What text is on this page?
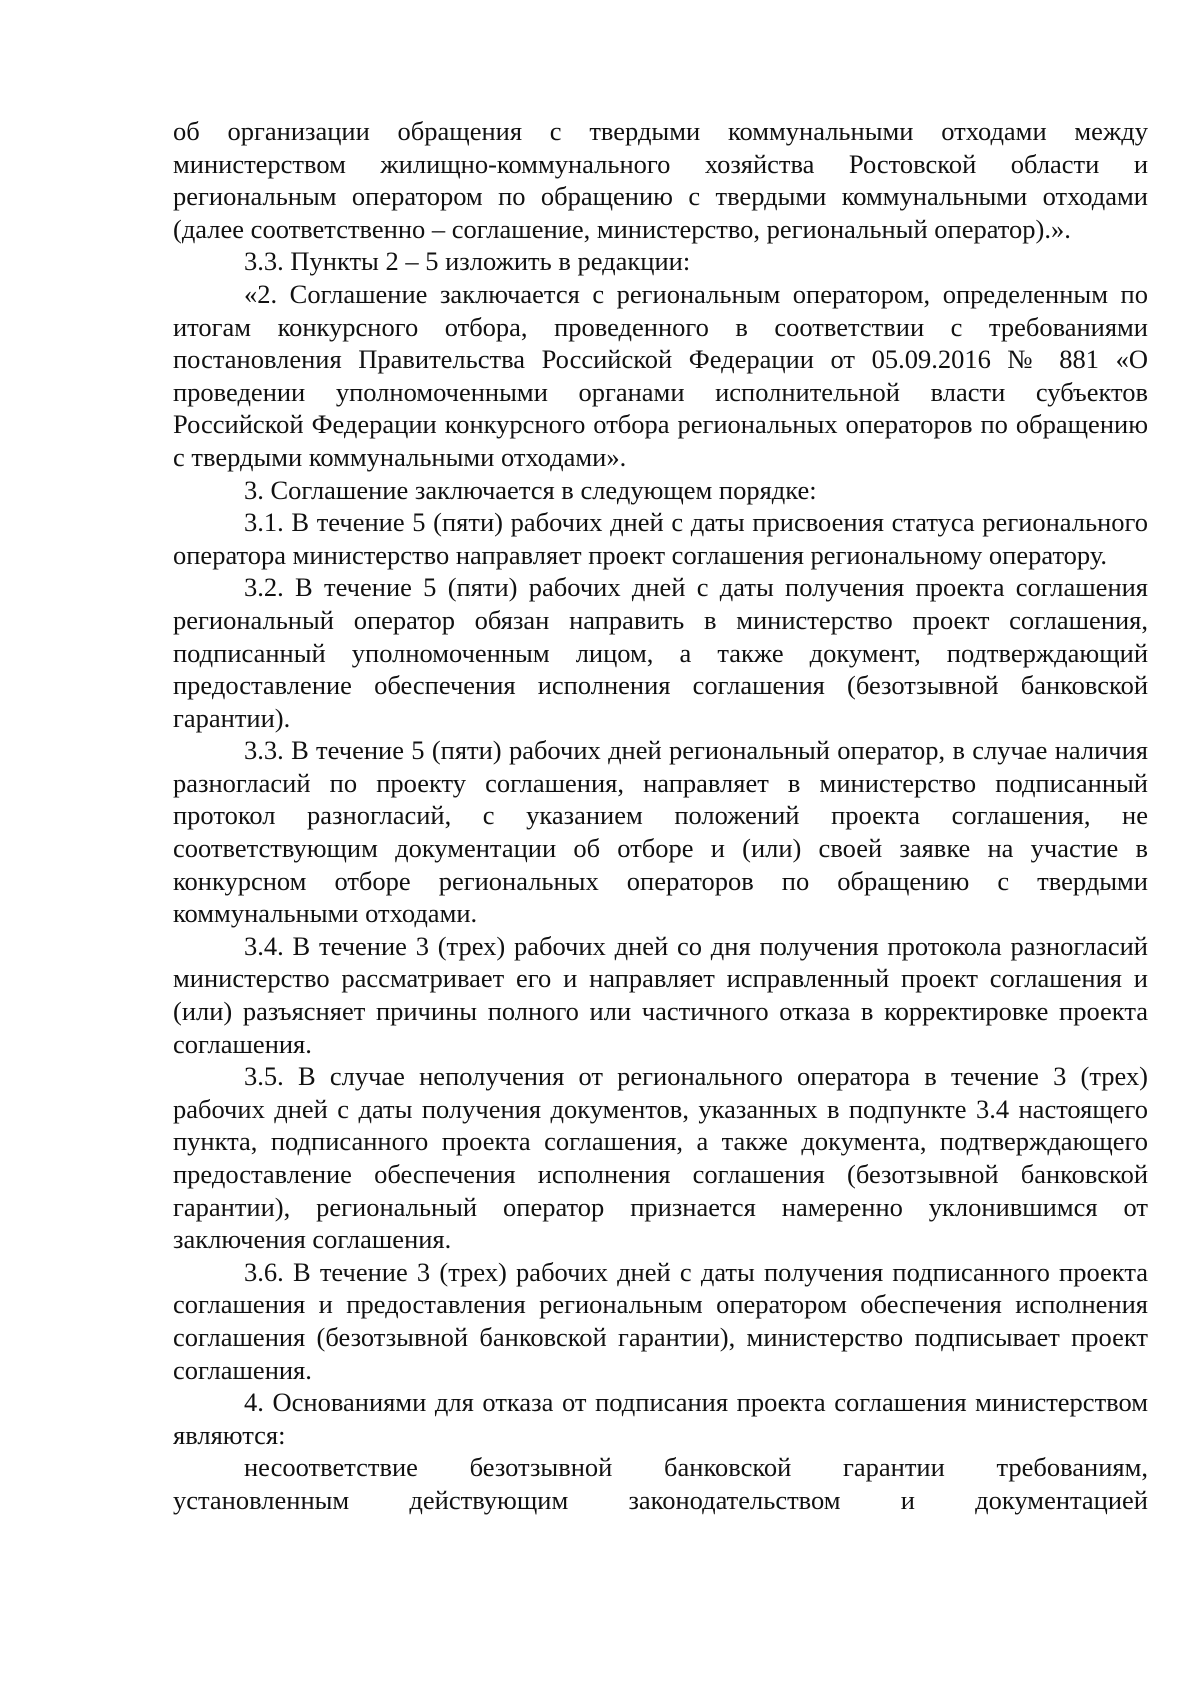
об организации обращения с твердыми коммунальными отходами между министерством жилищно-коммунального хозяйства Ростовской области и региональным оператором по обращению с твердыми коммунальными отходами (далее соответственно – соглашение, министерство, региональный оператор).».

3.3. Пункты 2 – 5 изложить в редакции:

«2. Соглашение заключается с региональным оператором, определенным по итогам конкурсного отбора, проведенного в соответствии с требованиями постановления Правительства Российской Федерации от 05.09.2016 № 881 «О проведении уполномоченными органами исполнительной власти субъектов Российской Федерации конкурсного отбора региональных операторов по обращению с твердыми коммунальными отходами».

3. Соглашение заключается в следующем порядке:

3.1. В течение 5 (пяти) рабочих дней с даты присвоения статуса регионального оператора министерство направляет проект соглашения региональному оператору.

3.2. В течение 5 (пяти) рабочих дней с даты получения проекта соглашения региональный оператор обязан направить в министерство проект соглашения, подписанный уполномоченным лицом, а также документ, подтверждающий предоставление обеспечения исполнения соглашения (безотзывной банковской гарантии).

3.3. В течение 5 (пяти) рабочих дней региональный оператор, в случае наличия разногласий по проекту соглашения, направляет в министерство подписанный протокол разногласий, с указанием положений проекта соглашения, не соответствующим документации об отборе и (или) своей заявке на участие в конкурсном отборе региональных операторов по обращению с твердыми коммунальными отходами.

3.4. В течение 3 (трех) рабочих дней со дня получения протокола разногласий министерство рассматривает его и направляет исправленный проект соглашения и (или) разъясняет причины полного или частичного отказа в корректировке проекта соглашения.

3.5. В случае неполучения от регионального оператора в течение 3 (трех) рабочих дней с даты получения документов, указанных в подпункте 3.4 настоящего пункта, подписанного проекта соглашения, а также документа, подтверждающего предоставление обеспечения исполнения соглашения (безотзывной банковской гарантии), региональный оператор признается намеренно уклонившимся от заключения соглашения.

3.6. В течение 3 (трех) рабочих дней с даты получения подписанного проекта соглашения и предоставления региональным оператором обеспечения исполнения соглашения (безотзывной банковской гарантии), министерство подписывает проект соглашения.

4. Основаниями для отказа от подписания проекта соглашения министерством являются:

несоответствие безотзывной банковской гарантии требованиям, установленным действующим законодательством и документацией
